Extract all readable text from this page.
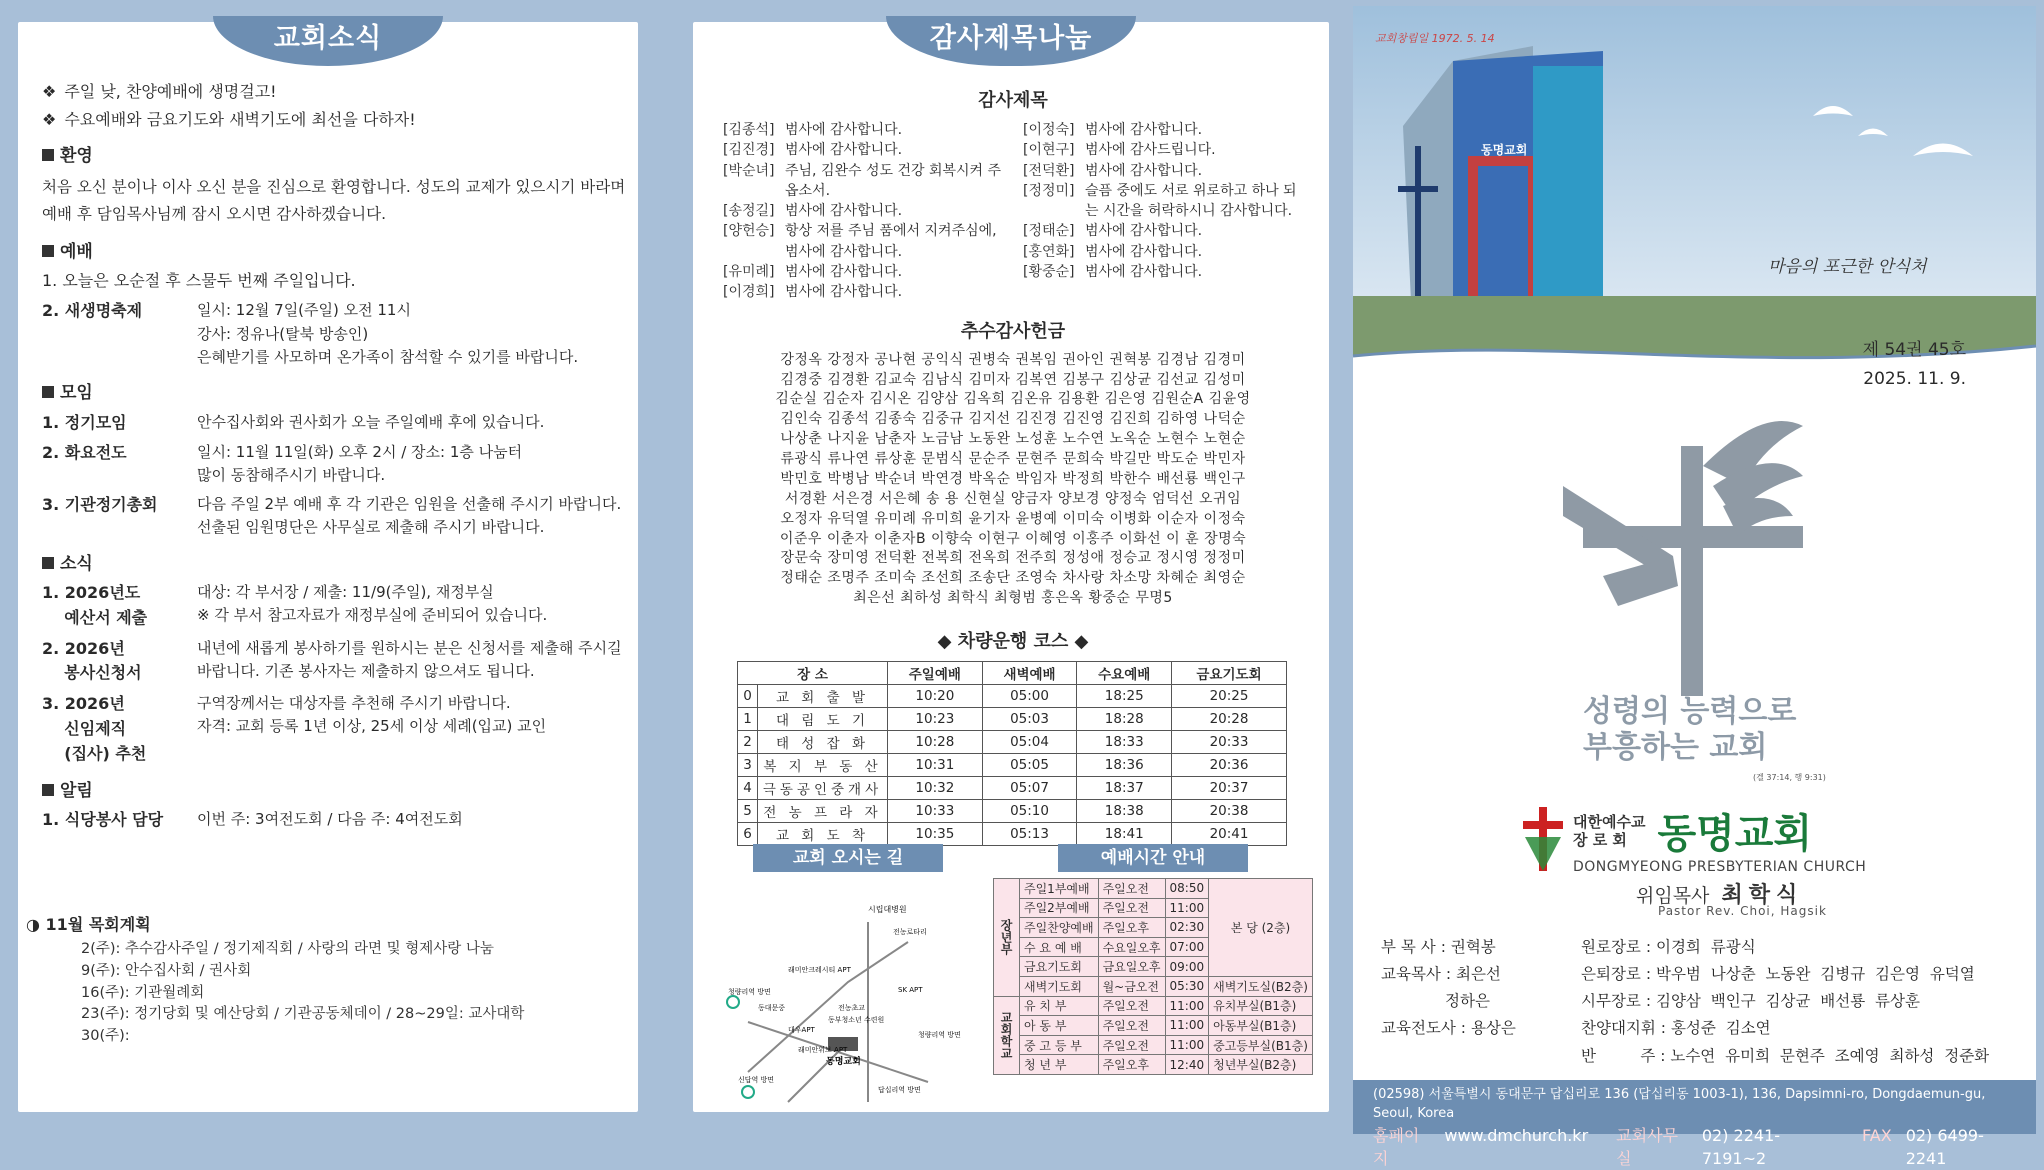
교회소식
❖ 주일 낮, 찬양예배에 생명걸고!
❖ 수요예배와 금요기도와 새벽기도에 최선을 다하자!
환영
처음 오신 분이나 이사 오신 분을 진심으로 환영합니다. 성도의 교제가 있으시기 바라며 예배 후 담임목사님께 잠시 오시면 감사하겠습니다.
예배
1. 오늘은 오순절 후 스물두 번째 주일입니다.
2. 새생명축제	일시: 12월 7일(주일) 오전 11시
강사: 정유나(탈북 방송인)
은혜받기를 사모하며 온가족이 참석할 수 있기를 바랍니다.
모임
1. 정기모임	안수집사회와 권사회가 오늘 주일예배 후에 있습니다.
2. 화요전도	일시: 11월 11일(화) 오후 2시 / 장소: 1층 나눔터
많이 동참해주시기 바랍니다.
3. 기관정기총회	다음 주일 2부 예배 후 각 기관은 임원을 선출해 주시기 바랍니다. 선출된 임원명단은 사무실로 제출해 주시기 바랍니다.
소식
1. 2026년도
예산서 제출
대상: 각 부서장 / 제출: 11/9(주일), 재정부실
※ 각 부서 참고자료가 재정부실에 준비되어 있습니다.
2. 2026년
봉사신청서
내년에 새롭게 봉사하기를 원하시는 분은 신청서를 제출해 주시길 바랍니다. 기존 봉사자는 제출하지 않으셔도 됩니다.
3. 2026년
신임제직
(집사) 추천
구역장께서는 대상자를 추천해 주시기 바랍니다.
자격: 교회 등록 1년 이상, 25세 이상 세례(입교) 교인
알림
1. 식당봉사 담당	이번 주: 3여전도회 / 다음 주: 4여전도회
◑ 11월 목회계획
2(주): 추수감사주일 / 정기제직회 / 사랑의 라면 및 형제사랑 나눔
9(주): 안수집사회 / 권사회
16(주): 기관월례회
23(주): 정기당회 및 예산당회 / 기관공동체데이 / 28~29일: 교사대학
30(주):
감사제목나눔
감사제목
[김종석] 범사에 감사합니다.
[김진경] 범사에 감사합니다.
[박순녀] 주님, 김완수 성도 건강 회복시켜 주옵소서.
[송정길] 범사에 감사합니다.
[양헌승] 항상 저를 주님 품에서 지켜주심에, 범사에 감사합니다.
[유미례] 범사에 감사합니다.
[이경희] 범사에 감사합니다.
[이정숙] 범사에 감사합니다.
[이현구] 범사에 감사드립니다.
[전덕환] 범사에 감사합니다.
[정정미] 슬픔 중에도 서로 위로하고 하나 되는 시간을 허락하시니 감사합니다.
[정태순] 범사에 감사합니다.
[홍연화] 범사에 감사합니다.
[황중순] 범사에 감사합니다.
추수감사헌금
강정옥 강정자 공나현 공익식 권병숙 권복임 권아인 권혁봉 김경남 김경미
김경중 김경환 김교숙 김남식 김미자 김복연 김봉구 김상균 김선교 김성미
김순실 김순자 김시온 김양삼 김옥희 김온유 김용환 김은영 김원순A 김윤영
김인숙 김종석 김종숙 김중규 김지선 김진경 김진영 김진희 김하영 나덕순
나상춘 나지윤 남춘자 노금남 노동완 노성훈 노수연 노옥순 노현수 노현순
류광식 류나연 류상훈 문범식 문순주 문현주 문희숙 박길만 박도순 박민자
박민호 박병남 박순녀 박연경 박옥순 박임자 박정희 박한수 배선룡 백인구
서경환 서은경 서은혜 송 용 신현실 양금자 양보경 양정숙 엄덕선 오귀임
오정자 유덕열 유미례 유미희 윤기자 윤병예 이미숙 이병화 이순자 이정숙
이준우 이춘자 이춘자B 이향숙 이현구 이혜영 이홍주 이화선 이 훈 장명숙
장문숙 장미영 전덕환 전복희 전옥희 전주희 정성애 정승교 정시영 정정미
정태순 조명주 조미숙 조선희 조송단 조영숙 차사랑 차소망 차혜순 최영순
최은선 최하성 최학식 최형범 홍은옥 황중순 무명5
◆ 차량운행 코스 ◆
장 소		주일예배	새벽예배	수요예배	금요기도회
0	교 회 출 발	10:20	05:00	18:25	20:25
1	대 림 도 기	10:23	05:03	18:28	20:28
2	태 성 잡 화	10:28	05:04	18:33	20:33
3	복 지 부 동 산	10:31	05:05	18:36	20:36
4	극동공인중개사	10:32	05:07	18:37	20:37
5	전 농 프 라 자	10:33	05:10	18:38	20:38
6	교 회 도 착	10:35	05:13	18:41	20:41
교회 오시는 길	예배시간 안내
시립대병원
전농로타리
래미안크레시티 APT
SK APT
청량리역 방면
동대문중
신답역 방면
청량리역 방면
동명교회
답십리역 방면
전농초교
대우APT
래미안위브 APT
동부청소년 수련원
장년부	주일1부예배	주일오전	08:50	본 당 (2층)
	주일2부예배	주일오전	11:00	
	주일찬양예배	주일오후	02:30	
	수 요 예 배	수요일오후	07:00	
	금요기도회	금요일오후	09:00	
	새벽기도회	월~금오전	05:30	새벽기도실(B2층)
교회학교	유 치 부	주일오전	11:00	유치부실(B1층)
	아 동 부	주일오전	11:00	아동부실(B1층)
	중 고 등 부	주일오전	11:00	중고등부실(B1층)
	청 년 부	주일오후	12:40	청년부실(B2층)
교회창립일 1972. 5. 14
동명교회
마음의 포근한 안식처
제 54권 45호
2025. 11. 9.
성령의 능력으로
부흥하는 교회
(겔 37:14, 행 9:31)
대한예수교
장 로 회 동명교회
DONGMYEONG PRESBYTERIAN CHURCH
위임목사 최학식
Pastor Rev. Choi, Hagsik
부 목 사 : 권혁봉	원로장로 : 이경희  류광식
교육목사 : 최은선	은퇴장로 : 박우범  나상춘  노동완  김병규  김은영  유덕열
정하은	시무장로 : 김양삼  백인구  김상균  배선룡  류상훈
교육전도사 : 용상은	찬양대지휘 : 홍성준  김소연
반         주 : 노수연  유미희  문현주  조예영  최하성  정준화
(02598) 서울특별시 동대문구 답십리로 136 (답십리동 1003-1), 136, Dapsimni-ro, Dongdaemun-gu, Seoul, Korea
홈페이지
www.dmchurch.kr 교회사무실
02) 2241-7191~2
FAX 02) 6499-2241
